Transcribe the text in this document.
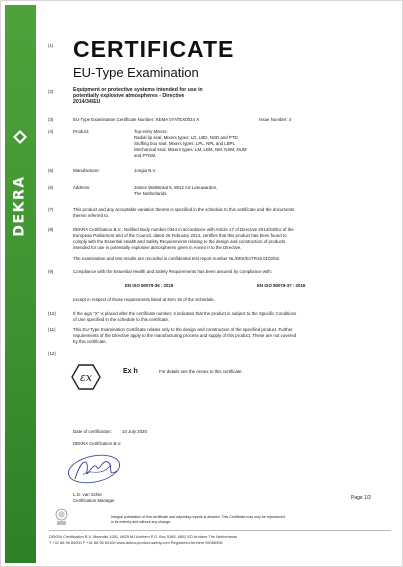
DEKRA
(1) CERTIFICATE
EU-Type Examination
(2)	Equipment or protective systems intended for use in
potentially explosive atmospheres - Directive
2014/34/EU
(3)	EU-Type Examination Certificate Number: KEMA 07ATEX0024 X	Issue Number: 4
(4)	Product:	Top-entry Mixers:
Radial lip seal, Mixers types: LD, LBD, NSD and PTD
Stuffing box seal, Mixers types: LPL, NPL and LBPL
Mechanical seal, Mixers types: LM, LBM, NM, NSM, NUM
and PTDM.
(5)	Manufacturer:	Jongia N.V.
(6)	Address:	James Wattstraat 5, 8912 AS Leeuwarden,
The Netherlands
(7)	This product and any acceptable variation thereto is specified in the schedule to this certificate and the documents
therein referred to.
(8)	DEKRA Certification B.V., Notified Body number 0344 in accordance with Article 17 of Directive 2014/34/EU of the
European Parliament and of the Council, dated 26 February 2014, certifies that this product has been found to
comply with the Essential Health and Safety Requirements relating to the design and construction of products
intended for use in potentially explosive atmospheres given in Annex II to the Directive.
The examination and test results are recorded in confidential test report number NL/DEK/ExTR16.0103/02.
(9)	Compliance with the Essential Health and Safety Requirements has been assured by compliance with:
EN ISO 80079-36 : 2016	EN ISO 80079-37 : 2016
except in respect of those requirements listed at item 18 of the Schedule.
(10)	If the sign "X" is placed after the certificate number, it indicates that the product is subject to the Specific Conditions
of Use specified in the schedule to this certificate.
(11)	This EU-Type Examination Certificate relates only to the design and construction of the specified product. Further
requirements of the Directive apply to the manufacturing process and supply of this product. These are not covered
by this certificate.
(12)
εx	Ex h	For details see the Annex to this certificate.
Date of certification: 10 July 2020
DEKRA Certification B.V.
L.G. van Schie
Certification Manager	Page 1/2
Integral publication of this certificate and adjoining reports is allowed. This Certificate may only be reproduced
in its entirety and without any change.
DEKRA Certification B.V. Meander 1051, 6825 MJ Arnhem P.O. Box 5185, 6802 ED Arnhem The Netherlands
T +31 88 96 83000 F +31 88 96 83100 www.dekra-product-safety.com Registered Arnhem 09085396
